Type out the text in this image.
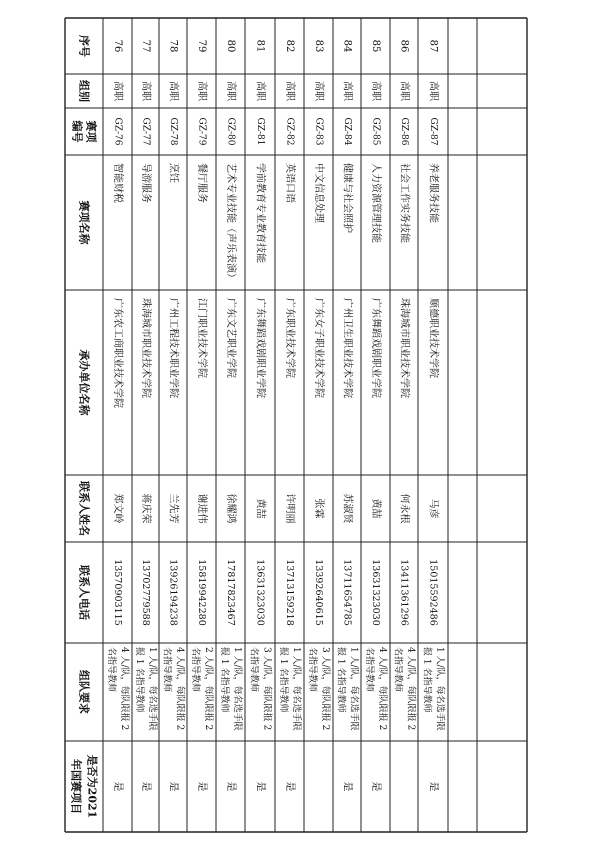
序号
组别
赛项
编号
赛项名称
承办单位名称
联系人姓名
联系人电话
组队要求
是否为2021
年国赛项目
76
高职
GZ-76
智能财税
广东农工商职业技术学院
郑文岭
13570903115
4 人/队，每队限报 2
名指导教师
是
77
高职
GZ-77
导游服务
珠海城市职业技术学院
蒋庆荣
13702779588
1 人/队，每名选手限
报 1 名指导教师
是
78
高职
GZ-78
烹饪
广州工程技术职业学院
兰先芳
13926194238
4 人/队，每队限报 2
名指导教师
是
79
高职
GZ-79
餐厅服务
江门职业技术学院
谢进伟
15819942280
2 人/队，每队限报 2
名指导教师
是
80
高职
GZ-80
艺术专业技能（声乐表演）
广东文艺职业学院
徐耀鸿
17817823467
1 人/队，每名选手限
报 1 名指导教师
是
81
高职
GZ-81
学前教育专业教育技能
广东舞蹈戏剧职业学院
黄喆
13631323030
3 人/队，每队限报 2
名指导教师
是
82
高职
GZ-82
英语口语
广东职业技术学院
许明丽
13713159218
1 人/队，每名选手限
报 1 名指导教师
是
83
高职
GZ-83
中文信息处理
广东女子职业技术学院
张霖
13392640615
3 人/队，每队限报 2
名指导教师
84
高职
GZ-84
健康与社会照护
广州卫生职业技术学院
苏淑贤
13711654785
1 人/队，每名选手限
报 1 名指导教师
是
85
高职
GZ-85
人力资源管理技能
广东舞蹈戏剧职业学院
黄喆
13631323030
4 人/队，每队限报 2
名指导教师
是
86
高职
GZ-86
社会工作实务技能
珠海城市职业技术学院
何永根
13411361296
4 人/队，每队限报 2
名指导教师
87
高职
GZ-87
养老服务技能
顺德职业技术学院
马彦
15015592486
1 人/队，每名选手限
报 1 名指导教师
是
